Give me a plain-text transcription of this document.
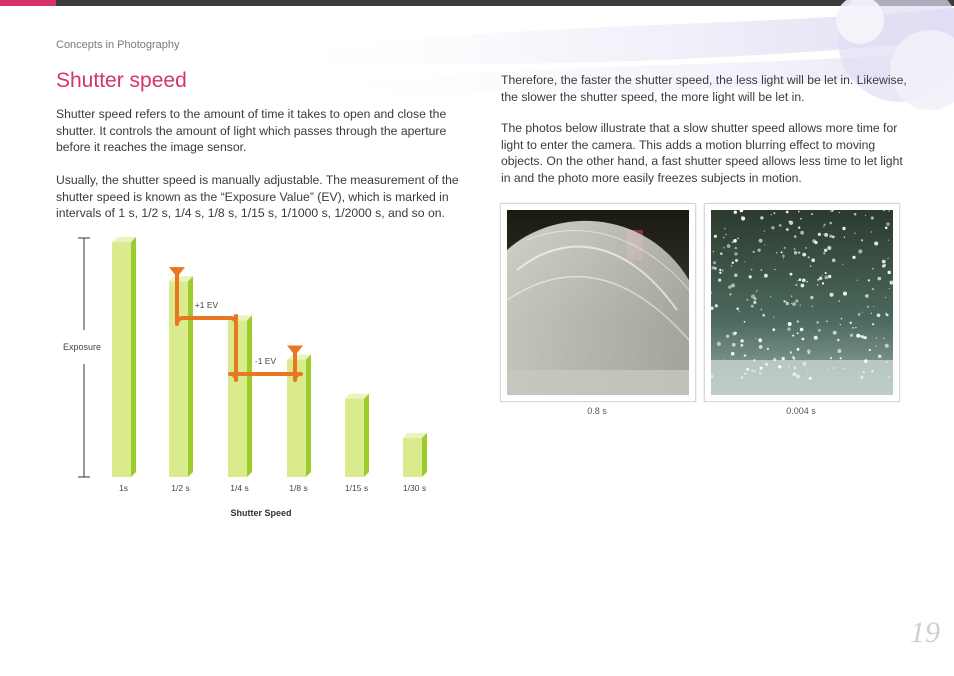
Concepts in Photography
Shutter speed

Shutter speed refers to the amount of time it takes to open and close the shutter. It controls the amount of light which passes through the aperture before it reaches the image sensor.

Usually, the shutter speed is manually adjustable. The measurement of the shutter speed is known as the “Exposure Value” (EV), which is marked in intervals of 1 s, 1/2 s, 1/4 s, 1/8 s, 1/15 s, 1/1000 s, 1/2000 s, and so on.

Therefore, the faster the shutter speed, the less light will be let in. Likewise, the slower the shutter speed, the more light will be let in.

The photos below illustrate that a slow shutter speed allows more time for light to enter the camera. This adds a motion blurring effect to moving objects. On the other hand, a fast shutter speed allows less time to let light in and the photo more easily freezes subjects in motion.

Exposure
1s	1/2 s	1/4 s	1/8 s	1/15 s	1/30 s
Shutter Speed
+1 EV
-1 EV
0.8 s	0.004 s
19
